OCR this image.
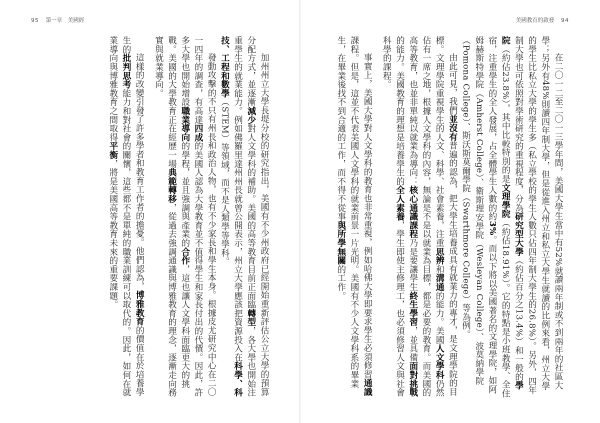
95 第一章　美國經	美國教育的啟發 94

在二〇一二至二〇一三學年間，美國大學生當中有52%就讀兩年制或不到兩年的社區大學；另外有48%則讀四年制大學，但是從進入州立和私立大學生就讀的比例來看，州立大學的學生比私立大學的學生多（私立學校的學生人數只佔四年制大學生的26.8%）。另外，四年制大學也可依照對學術研究的重視程度，分為研究型大學（約佔百分之13.4%）和一般的學院（約佔23.8%），其中比較特別的是文理學院（約佔18.91%）。它的特點是小班教學、全住宿，注重學生的全人發展，占全體學生人數的約3%。而以下將以美國著名的文理學院，如阿姆赫斯特學院（Amherst College）、衛斯理安學院（Wesleyan College）、波莫納學院（Pomona College）、斯沃斯莫爾學院（Swarthmore College）等為例。

由此可見，我們並沒有普遍的認為，把大學生培養成具有就業力的專才，是文理學院的目標。文理學院重視學生的人文、科學、社會素養，注重思辨和溝通的能力。美國人文學科仍然佔有一席之地，根據人文學科的內容，無論是不是以就業為目標，都是必要的教育。而美國的高等教育，也並非單純以就業為導向：核心通識課程乃是要讓學生終生學習，並具備面對挑戰的能力。美國教育的理想是培養學生的全人素養，學生即使主修理工，也必須修習人文與社會科學的課程。

事實上，美國大學對人文學科的教育也非常重視，例如哈佛大學即要求學生必須修習通識課程。但是，這並不代表美國人文學科的就業前景一片光明。美國有不少人文學科系的畢業生，在畢業後找不到合適的工作，而不得不從事與所學無關的工作。

加州州立大學長堤分校的研究指出，美國有不少州政府已經開始重新評估公立大學的預算分配方式，並逐漸減少對人文學科的補助。美國的高等教育目前正面臨轉型，各大學也開始注重學生的就業能力。例如佛羅里達州州長就曾公開表示，州立大學應該把資源投入在科學、科技、工程和數學（STEM）等領域，而不是人類學等學科。

發動攻擊的不只有州長和政治人物，也有不少家長和學生本身。根據皮尤研究中心在二〇一四年的調查，有高達四成的美國人認為大學教育並不值得學生和家長付出的代價。因此，許多大學也開始增設職業導向的學程，並且強調與產業的合作，這也讓人文學科面臨更大的挑戰。美國的大學教育正在經歷一場典範轉移，從過去強調通識與博雅教育的理念，逐漸走向務實與就業導向。

這樣的改變引發了許多學者和教育工作者的擔憂。他們認為，博雅教育的價值在於培養學生的批判思考能力和對社會的關懷，這些都不是單純的職業訓練可以取代的。因此，如何在就業導向與博雅教育之間取得平衡，將是美國高等教育未來的重要課題。
